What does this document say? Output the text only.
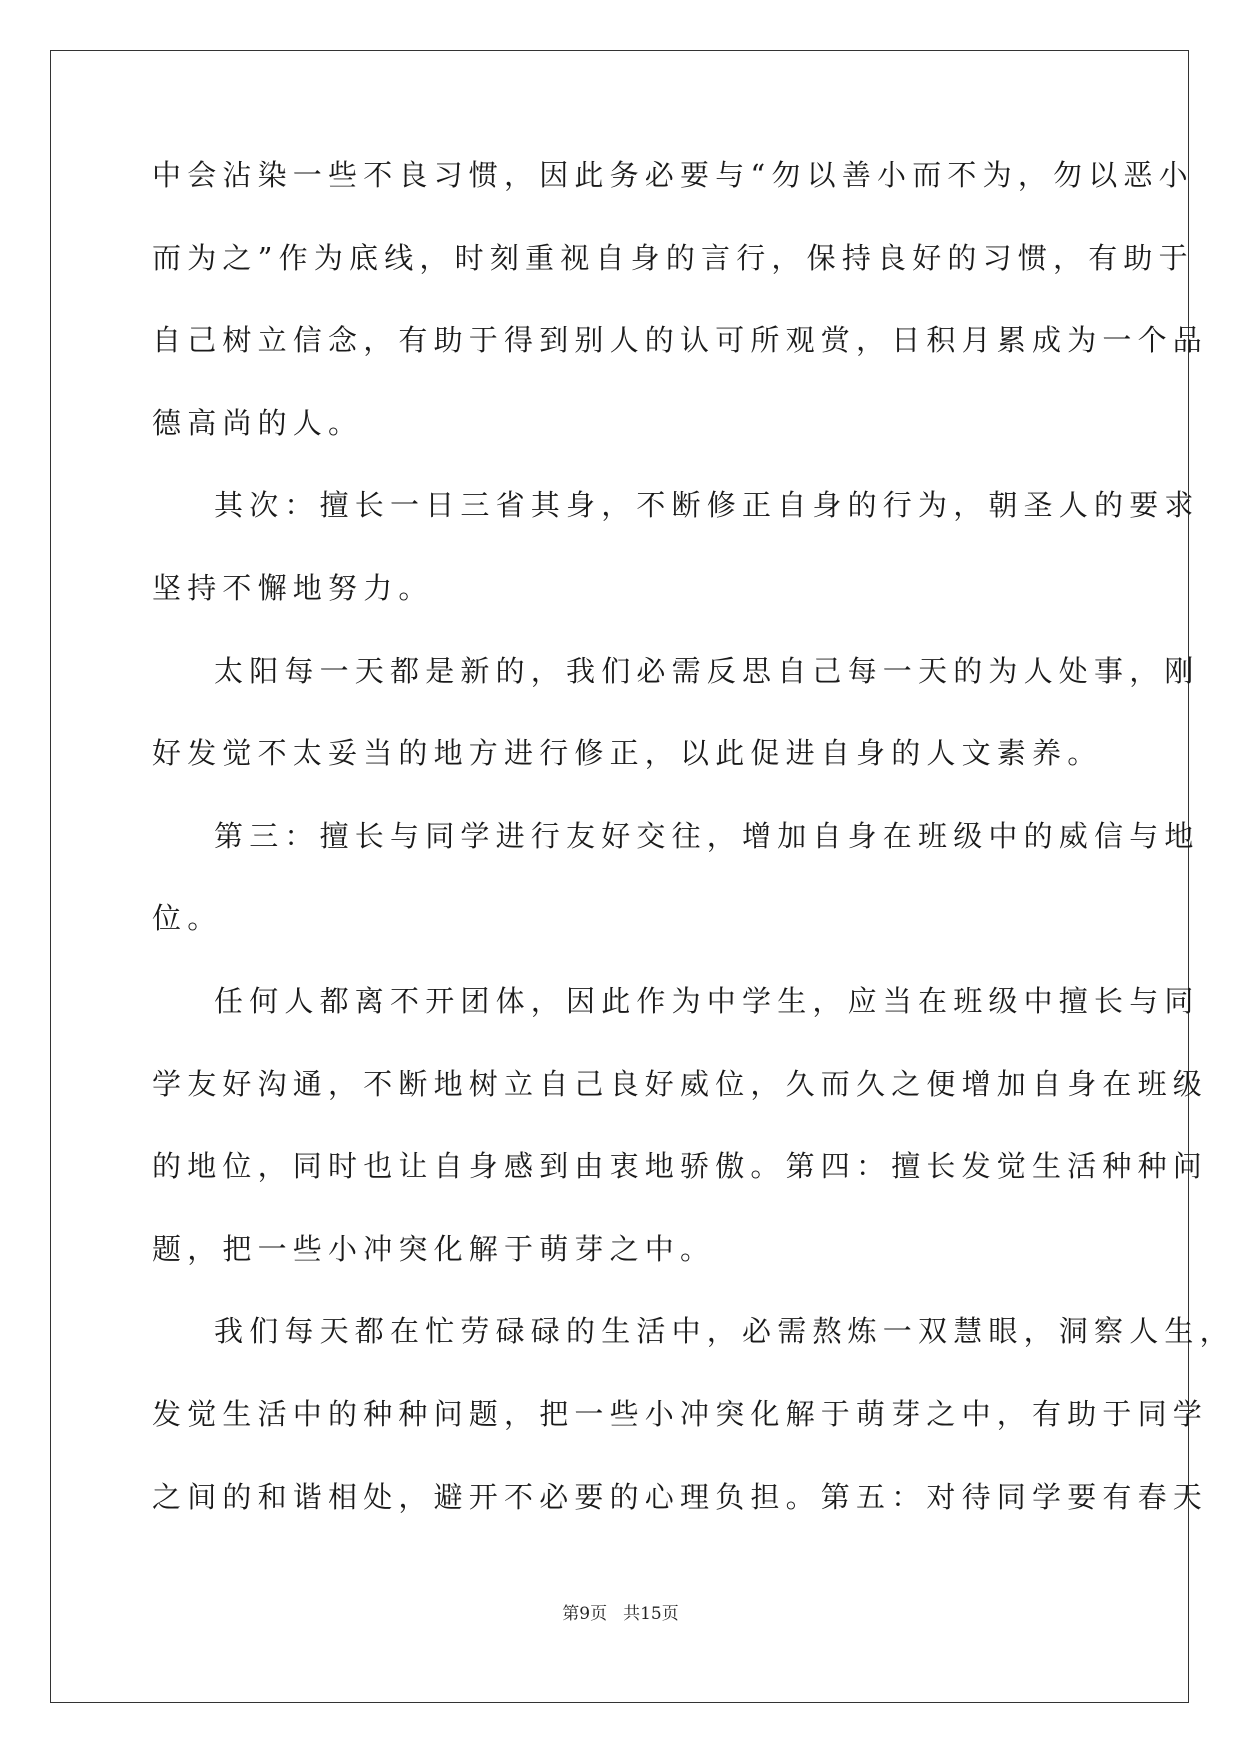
中会沾染一些不良习惯，因此务必要与“勿以善小而不为，勿以恶小
而为之”作为底线，时刻重视自身的言行，保持良好的习惯，有助于
自己树立信念，有助于得到别人的认可所观赏，日积月累成为一个品
德高尚的人。
其次：擅长一日三省其身，不断修正自身的行为，朝圣人的要求
坚持不懈地努力。
太阳每一天都是新的，我们必需反思自己每一天的为人处事，刚
好发觉不太妥当的地方进行修正，以此促进自身的人文素养。
第三：擅长与同学进行友好交往，增加自身在班级中的威信与地
位。
任何人都离不开团体，因此作为中学生，应当在班级中擅长与同
学友好沟通，不断地树立自己良好威位，久而久之便增加自身在班级
的地位，同时也让自身感到由衷地骄傲。第四：擅长发觉生活种种问
题，把一些小冲突化解于萌芽之中。
我们每天都在忙劳碌碌的生活中，必需熬炼一双慧眼，洞察人生，
发觉生活中的种种问题，把一些小冲突化解于萌芽之中，有助于同学
之间的和谐相处，避开不必要的心理负担。第五：对待同学要有春天
第9页 共15页
